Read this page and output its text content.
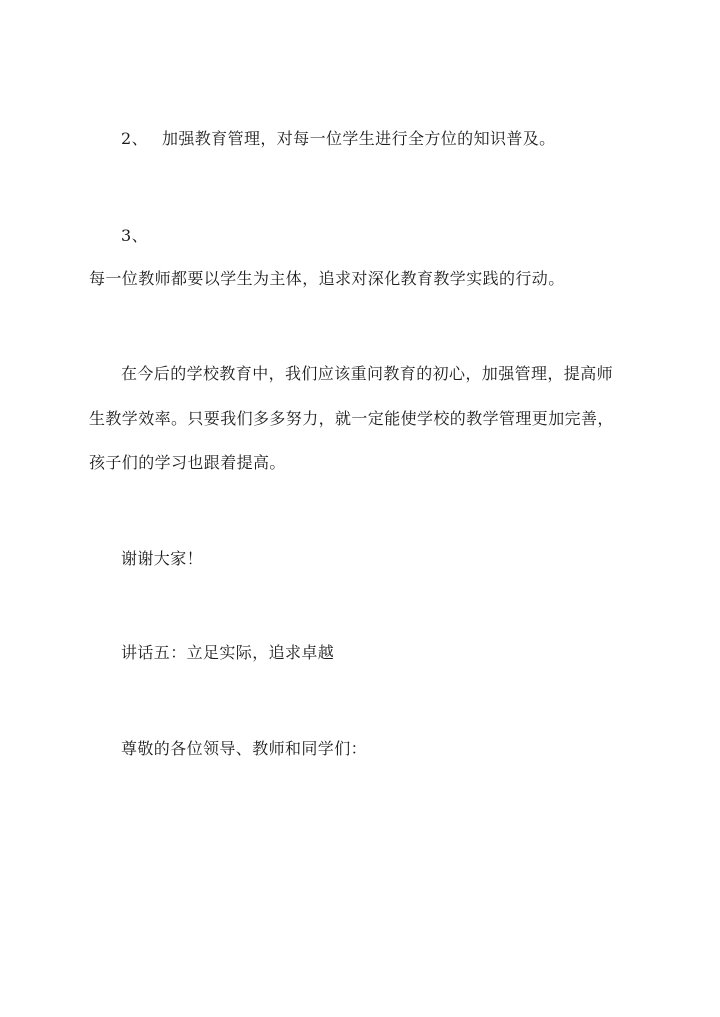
2、 加强教育管理，对每一位学生进行全方位的知识普及。
3、
每一位教师都要以学生为主体，追求对深化教育教学实践的行动。
在今后的学校教育中，我们应该重问教育的初心，加强管理，提高师
生教学效率。只要我们多多努力，就一定能使学校的教学管理更加完善，
孩子们的学习也跟着提高。
谢谢大家！
讲话五：立足实际，追求卓越
尊敬的各位领导、教师和同学们：
